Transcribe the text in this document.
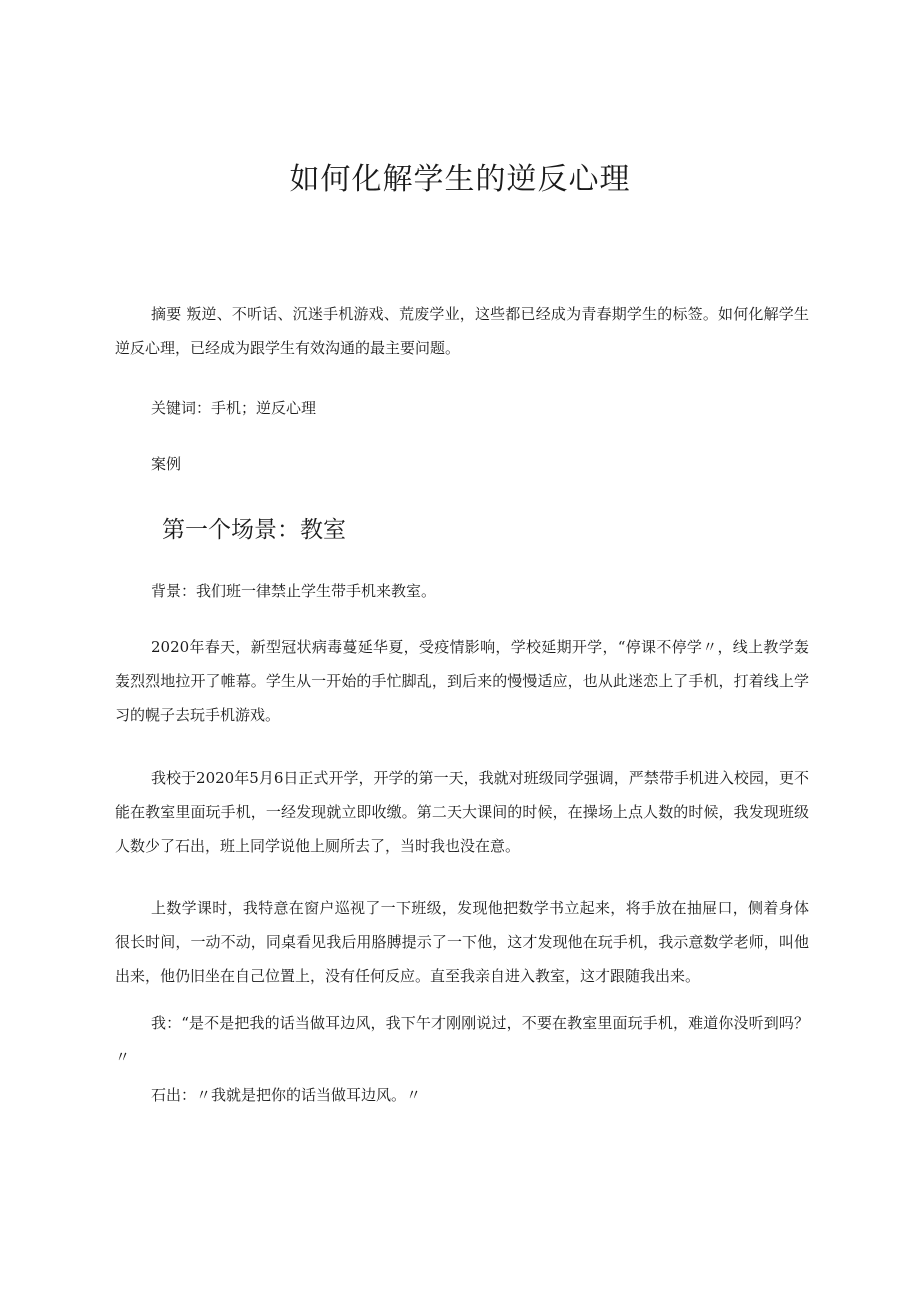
如何化解学生的逆反心理

摘要 叛逆、不听话、沉迷手机游戏、荒废学业，这些都已经成为青春期学生的标签。如何化解学生逆反心理，已经成为跟学生有效沟通的最主要问题。

关键词：手机；逆反心理

案例

第一个场景：教室

背景：我们班一律禁止学生带手机来教室。

2020年春天，新型冠状病毒蔓延华夏，受疫情影响，学校延期开学，“停课不停学〃，线上教学轰轰烈烈地拉开了帷幕。学生从一开始的手忙脚乱，到后来的慢慢适应，也从此迷恋上了手机，打着线上学习的幌子去玩手机游戏。

我校于2020年5月6日正式开学，开学的第一天，我就对班级同学强调，严禁带手机进入校园，更不能在教室里面玩手机，一经发现就立即收缴。第二天大课间的时候，在操场上点人数的时候，我发现班级人数少了石出，班上同学说他上厕所去了，当时我也没在意。

上数学课时，我特意在窗户巡视了一下班级，发现他把数学书立起来，将手放在抽屉口，侧着身体很长时间，一动不动，同桌看见我后用胳膊提示了一下他，这才发现他在玩手机，我示意数学老师，叫他出来，他仍旧坐在自己位置上，没有任何反应。直至我亲自进入教室，这才跟随我出来。

我：“是不是把我的话当做耳边风，我下午才刚刚说过，不要在教室里面玩手机，难道你没听到吗？〃

石出：〃我就是把你的话当做耳边风。〃
